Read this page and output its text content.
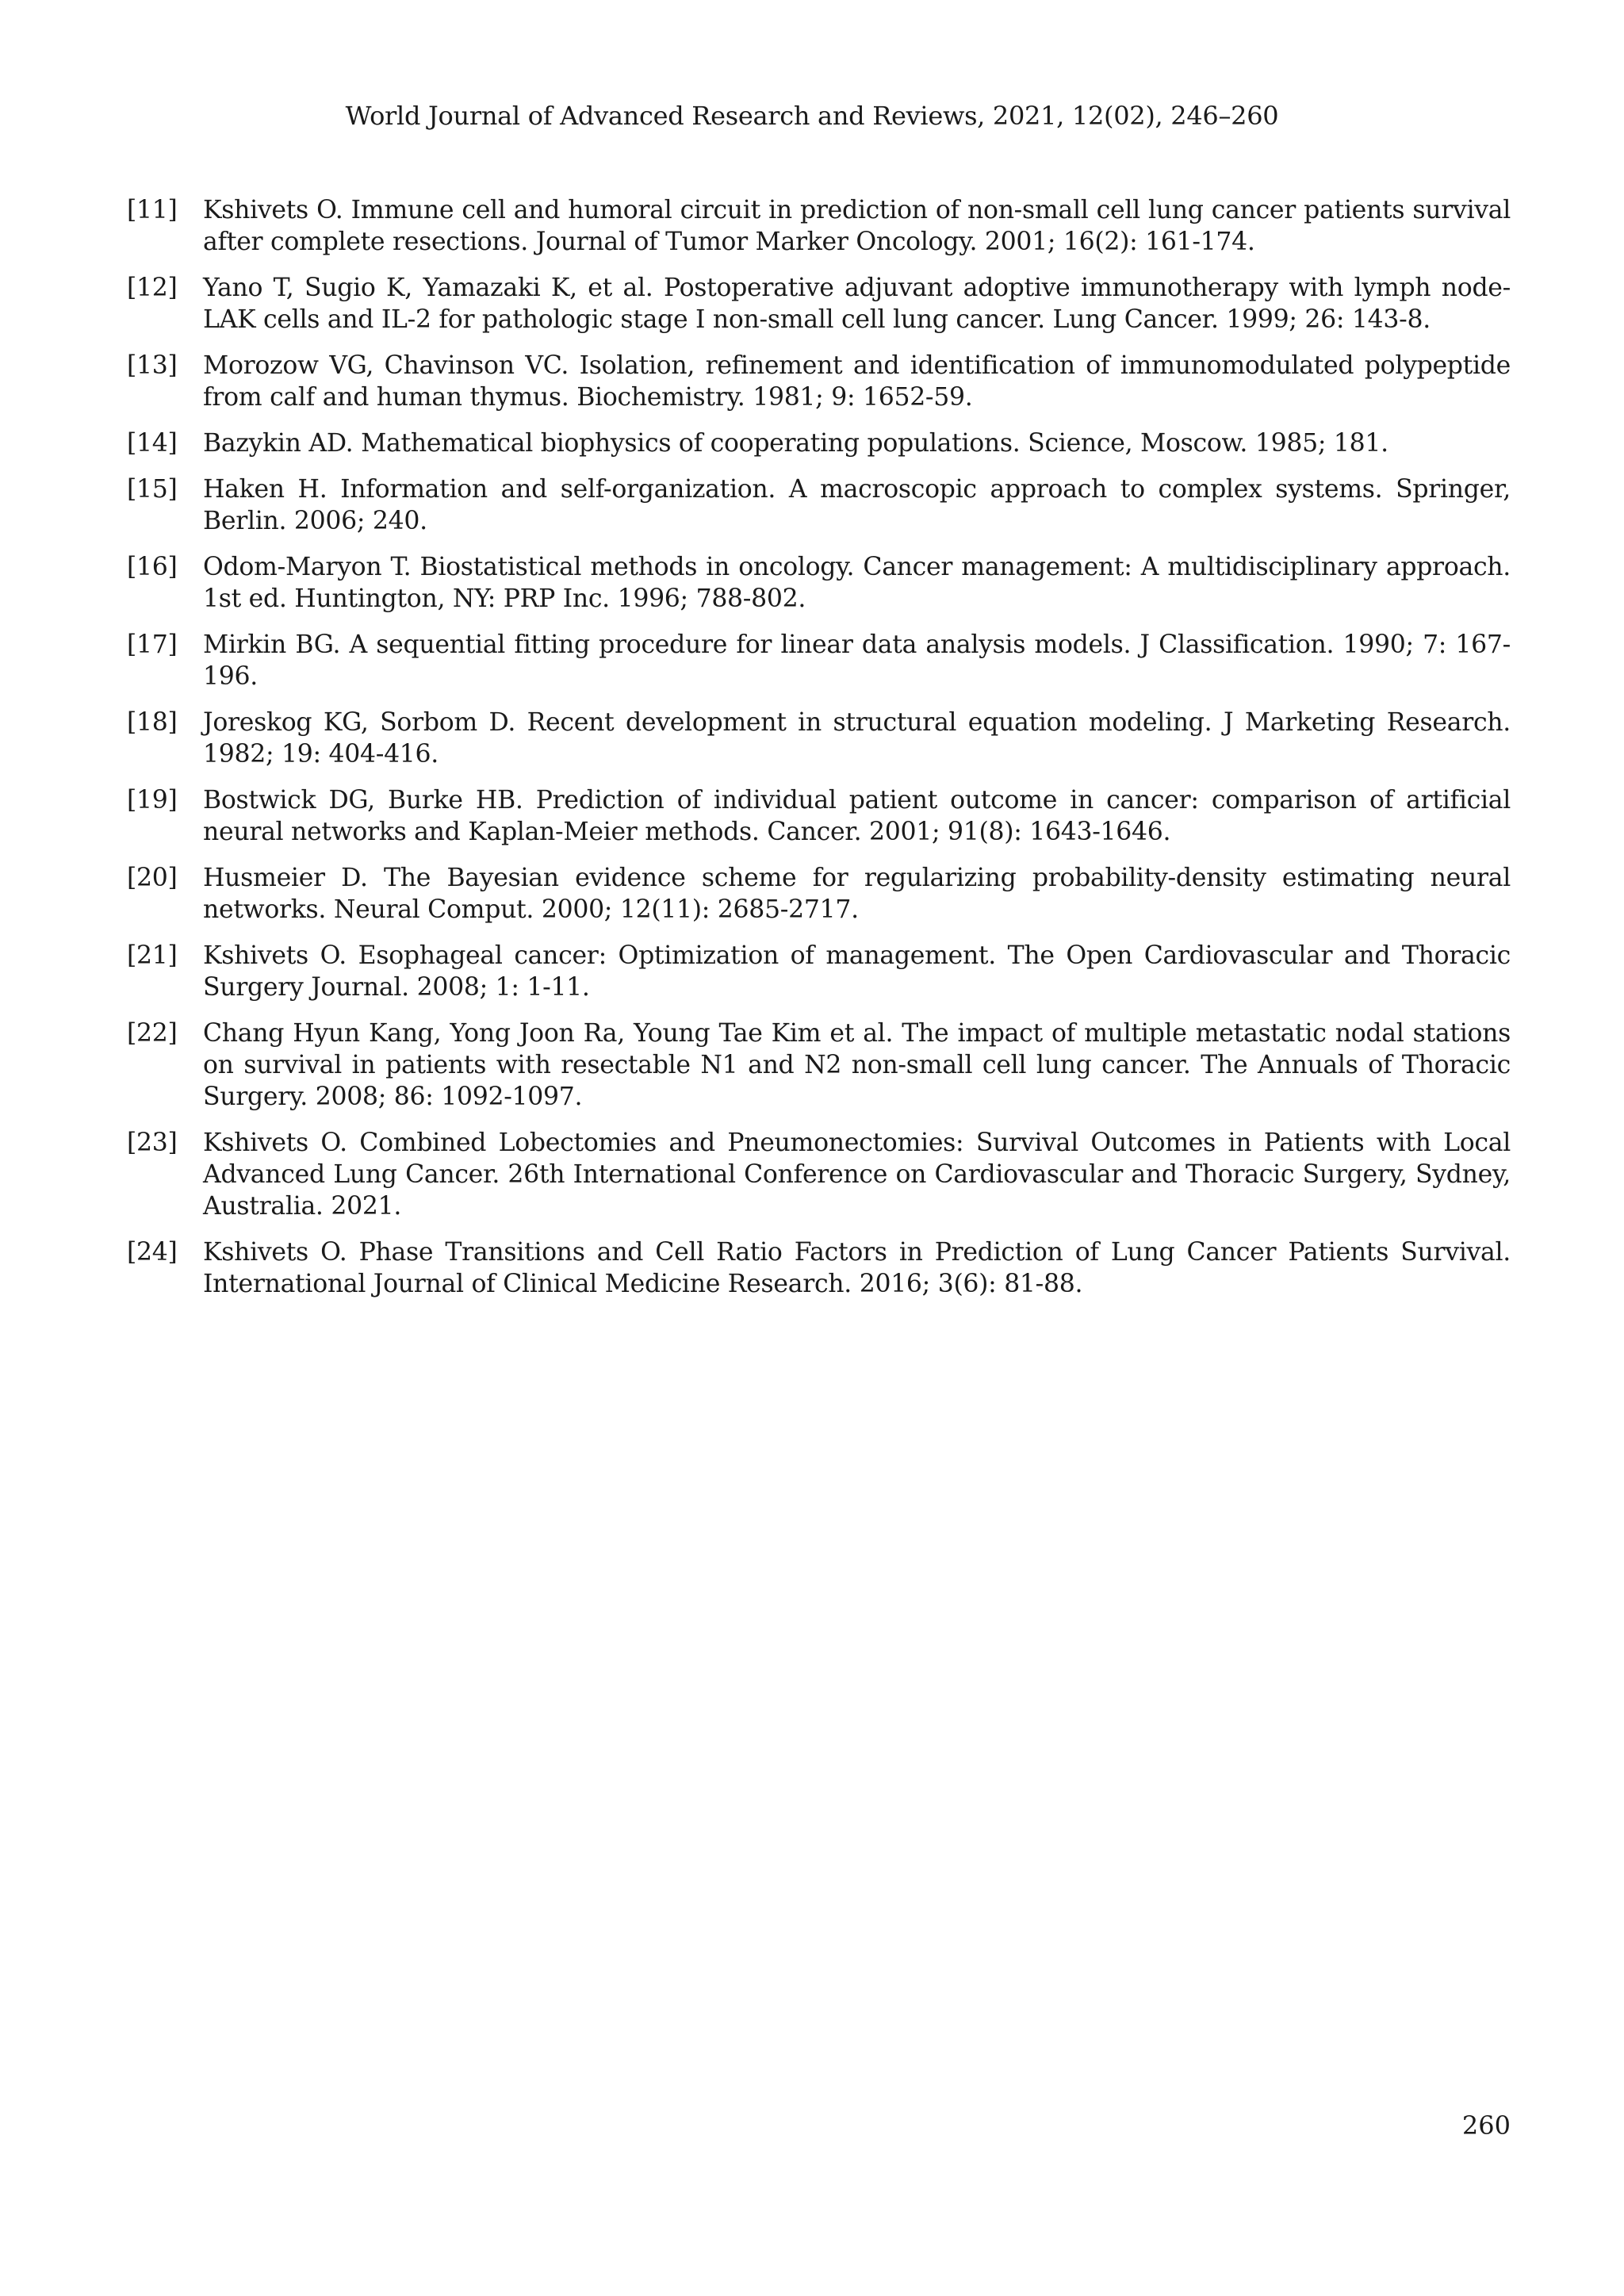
World Journal of Advanced Research and Reviews, 2021, 12(02), 246–260
[11] Kshivets O. Immune cell and humoral circuit in prediction of non-small cell lung cancer patients survival after complete resections. Journal of Tumor Marker Oncology. 2001; 16(2): 161-174.
[12] Yano T, Sugio K, Yamazaki K, et al. Postoperative adjuvant adoptive immunotherapy with lymph node-LAK cells and IL-2 for pathologic stage I non-small cell lung cancer. Lung Cancer. 1999; 26: 143-8.
[13] Morozow VG, Chavinson VC. Isolation, refinement and identification of immunomodulated polypeptide from calf and human thymus. Biochemistry. 1981; 9: 1652-59.
[14] Bazykin AD. Mathematical biophysics of cooperating populations. Science, Moscow. 1985; 181.
[15] Haken H. Information and self-organization. A macroscopic approach to complex systems. Springer, Berlin. 2006; 240.
[16] Odom-Maryon T. Biostatistical methods in oncology. Cancer management: A multidisciplinary approach. 1st ed. Huntington, NY: PRP Inc. 1996; 788-802.
[17] Mirkin BG. A sequential fitting procedure for linear data analysis models. J Classification. 1990; 7: 167-196.
[18] Joreskog KG, Sorbom D. Recent development in structural equation modeling. J Marketing Research. 1982; 19: 404-416.
[19] Bostwick DG, Burke HB. Prediction of individual patient outcome in cancer: comparison of artificial neural networks and Kaplan-Meier methods. Cancer. 2001; 91(8): 1643-1646.
[20] Husmeier D. The Bayesian evidence scheme for regularizing probability-density estimating neural networks. Neural Comput. 2000; 12(11): 2685-2717.
[21] Kshivets O. Esophageal cancer: Optimization of management. The Open Cardiovascular and Thoracic Surgery Journal. 2008; 1: 1-11.
[22] Chang Hyun Kang, Yong Joon Ra, Young Tae Kim et al. The impact of multiple metastatic nodal stations on survival in patients with resectable N1 and N2 non-small cell lung cancer. The Annuals of Thoracic Surgery. 2008; 86: 1092-1097.
[23] Kshivets O. Combined Lobectomies and Pneumonectomies: Survival Outcomes in Patients with Local Advanced Lung Cancer. 26th International Conference on Cardiovascular and Thoracic Surgery, Sydney, Australia. 2021.
[24] Kshivets O. Phase Transitions and Cell Ratio Factors in Prediction of Lung Cancer Patients Survival. International Journal of Clinical Medicine Research. 2016; 3(6): 81-88.
260
